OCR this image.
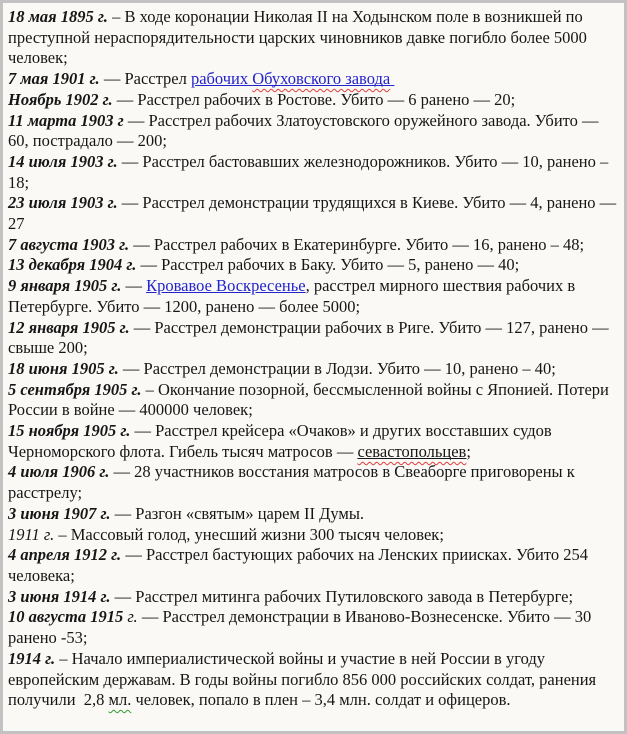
18 мая 1895 г. – В ходе коронации Николая II на Ходынском поле в возникшей по преступной нераспорядительности царских чиновников давке погибло более 5000 человек;
7 мая 1901 г. — Расстрел рабочих Обуховского завода
Ноябрь 1902 г. — Расстрел рабочих в Ростове. Убито — 6 ранено — 20;
11 марта 1903 г — Расстрел рабочих Златоустовского оружейного завода. Убито — 60, пострадало — 200;
14 июля 1903 г. — Расстрел бастовавших железнодорожников. Убито — 10, ранено – 18;
23 июля 1903 г. — Расстрел демонстрации трудящихся в Киеве. Убито — 4, ранено — 27
7 августа 1903 г. — Расстрел рабочих в Екатеринбурге. Убито — 16, ранено – 48;
13 декабря 1904 г. — Расстрел рабочих в Баку. Убито — 5, ранено — 40;
9 января 1905 г. — Кровавое Воскресенье, расстрел мирного шествия рабочих в Петербурге. Убито — 1200, ранено — более 5000;
12 января 1905 г. — Расстрел демонстрации рабочих в Риге. Убито — 127, ранено — свыше 200;
18 июня 1905 г. — Расстрел демонстрации в Лодзи. Убито — 10, ранено – 40;
5 сентября 1905 г. – Окончание позорной, бессмысленной войны с Японией. Потери России в войне — 400000 человек;
15 ноября 1905 г. — Расстрел крейсера «Очаков» и других восставших судов Черноморского флота. Гибель тысяч матросов — севастопольцев;
4 июля 1906 г. — 28 участников восстания матросов в Свеаборге приговорены к расстрелу;
3 июня 1907 г. — Разгон «святым» царем II Думы.
1911 г. – Массовый голод, унесший жизни 300 тысяч человек;
4 апреля 1912 г. — Расстрел бастующих рабочих на Ленских приисках. Убито 254 человека;
3 июня 1914 г. — Расстрел митинга рабочих Путиловского завода в Петербурге;
10 августа 1915 г. — Расстрел демонстрации в Иваново-Вознесенске. Убито — 30 ранено -53;
1914 г. – Начало империалистической войны и участие в ней России в угоду европейским державам. В годы войны погибло 856 000 российских солдат, ранения получили  2,8 мл. человек, попало в плен – 3,4 млн. солдат и офицеров.
